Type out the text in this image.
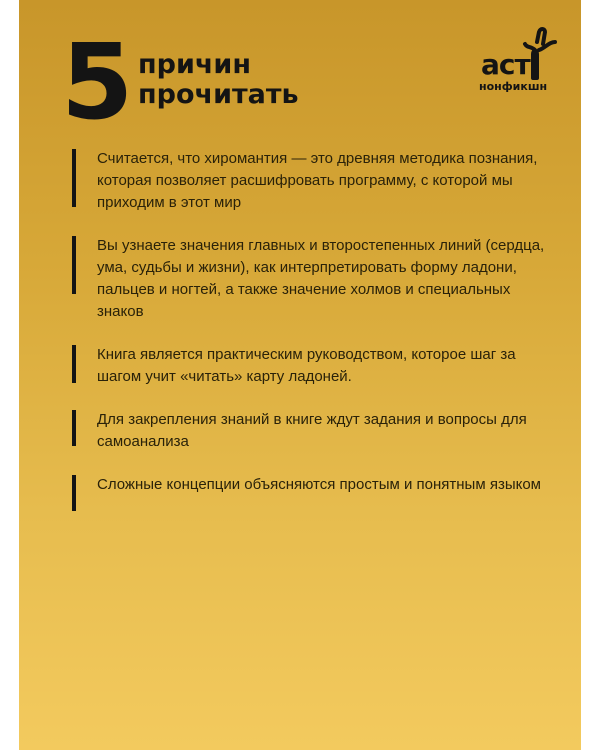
5 причин
прочитать
аст
нонфикшн

Считается, что хиромантия — это древняя методика познания, которая позволяет расшифровать программу, с которой мы приходим в этот мир

Вы узнаете значения главных и второстепенных линий (сердца, ума, судьбы и жизни), как интерпретировать форму ладони, пальцев и ногтей, а также значение холмов и специальных знаков

Книга является практическим руководством, которое шаг за шагом учит «читать» карту ладоней.

Для закрепления знаний в книге ждут задания и вопросы для самоанализа

Сложные концепции объясняются простым и понятным языком
